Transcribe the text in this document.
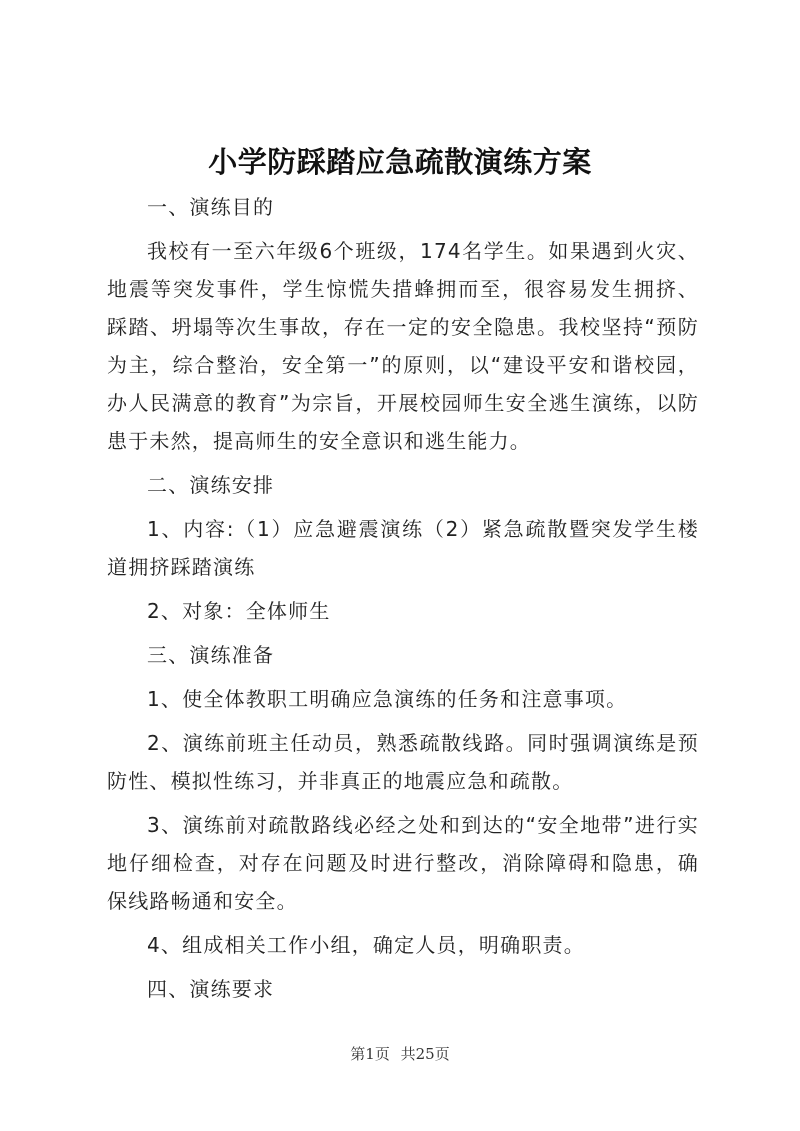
小学防踩踏应急疏散演练方案

一、演练目的

我校有一至六年级6个班级，174名学生。如果遇到火灾、地震等突发事件，学生惊慌失措蜂拥而至，很容易发生拥挤、踩踏、坍塌等次生事故，存在一定的安全隐患。我校坚持“预防为主，综合整治，安全第一”的原则，以“建设平安和谐校园，办人民满意的教育”为宗旨，开展校园师生安全逃生演练，以防患于未然，提高师生的安全意识和逃生能力。

二、演练安排

1、内容:（1）应急避震演练（2）紧急疏散暨突发学生楼道拥挤踩踏演练

2、对象：全体师生

三、演练准备

1、使全体教职工明确应急演练的任务和注意事项。

2、演练前班主任动员，熟悉疏散线路。同时强调演练是预防性、模拟性练习，并非真正的地震应急和疏散。

3、演练前对疏散路线必经之处和到达的“安全地带”进行实地仔细检查，对存在问题及时进行整改，消除障碍和隐患，确保线路畅通和安全。

4、组成相关工作小组，确定人员，明确职责。

四、演练要求

第1页 共25页
